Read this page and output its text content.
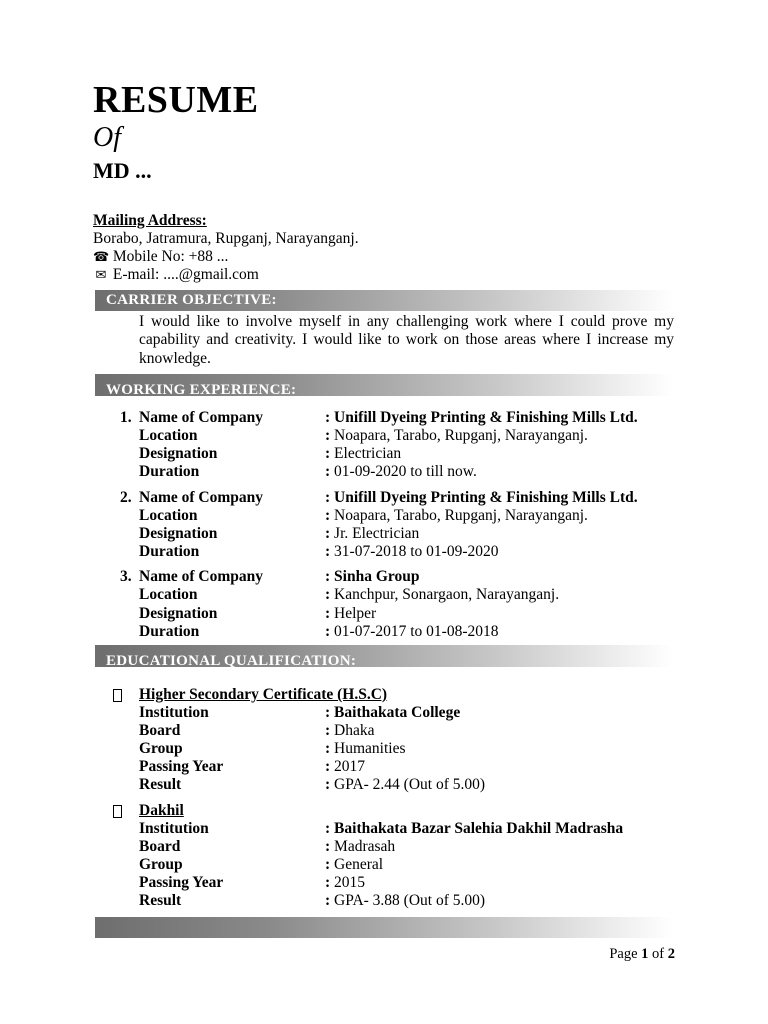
RESUME
Of
MD ...
Mailing Address:
Borabo, Jatramura, Rupganj, Narayanganj.
☎ Mobile No: +88 ...
✉ E-mail: ....@gmail.com
CARRIER OBJECTIVE:
I would like to involve myself in any challenging work where I could prove my capability and creativity. I would like to work on those areas where I increase my knowledge.
WORKING EXPERIENCE:
1. Name of Company	: Unifill Dyeing Printing & Finishing Mills Ltd.
Location	: Noapara, Tarabo, Rupganj, Narayanganj.
Designation	: Electrician
Duration	: 01-09-2020 to till now.
2. Name of Company	: Unifill Dyeing Printing & Finishing Mills Ltd.
Location	: Noapara, Tarabo, Rupganj, Narayanganj.
Designation	: Jr. Electrician
Duration	: 31-07-2018 to 01-09-2020
3. Name of Company	: Sinha Group
Location	: Kanchpur, Sonargaon, Narayanganj.
Designation	: Helper
Duration	: 01-07-2017 to 01-08-2018
EDUCATIONAL QUALIFICATION:
Higher Secondary Certificate (H.S.C)
Institution	: Baithakata College
Board	: Dhaka
Group	: Humanities
Passing Year	: 2017
Result	: GPA- 2.44 (Out of 5.00)
Dakhil
Institution	: Baithakata Bazar Salehia Dakhil Madrasha
Board	: Madrasah
Group	: General
Passing Year	: 2015
Result	: GPA- 3.88 (Out of 5.00)
Page 1 of 2
